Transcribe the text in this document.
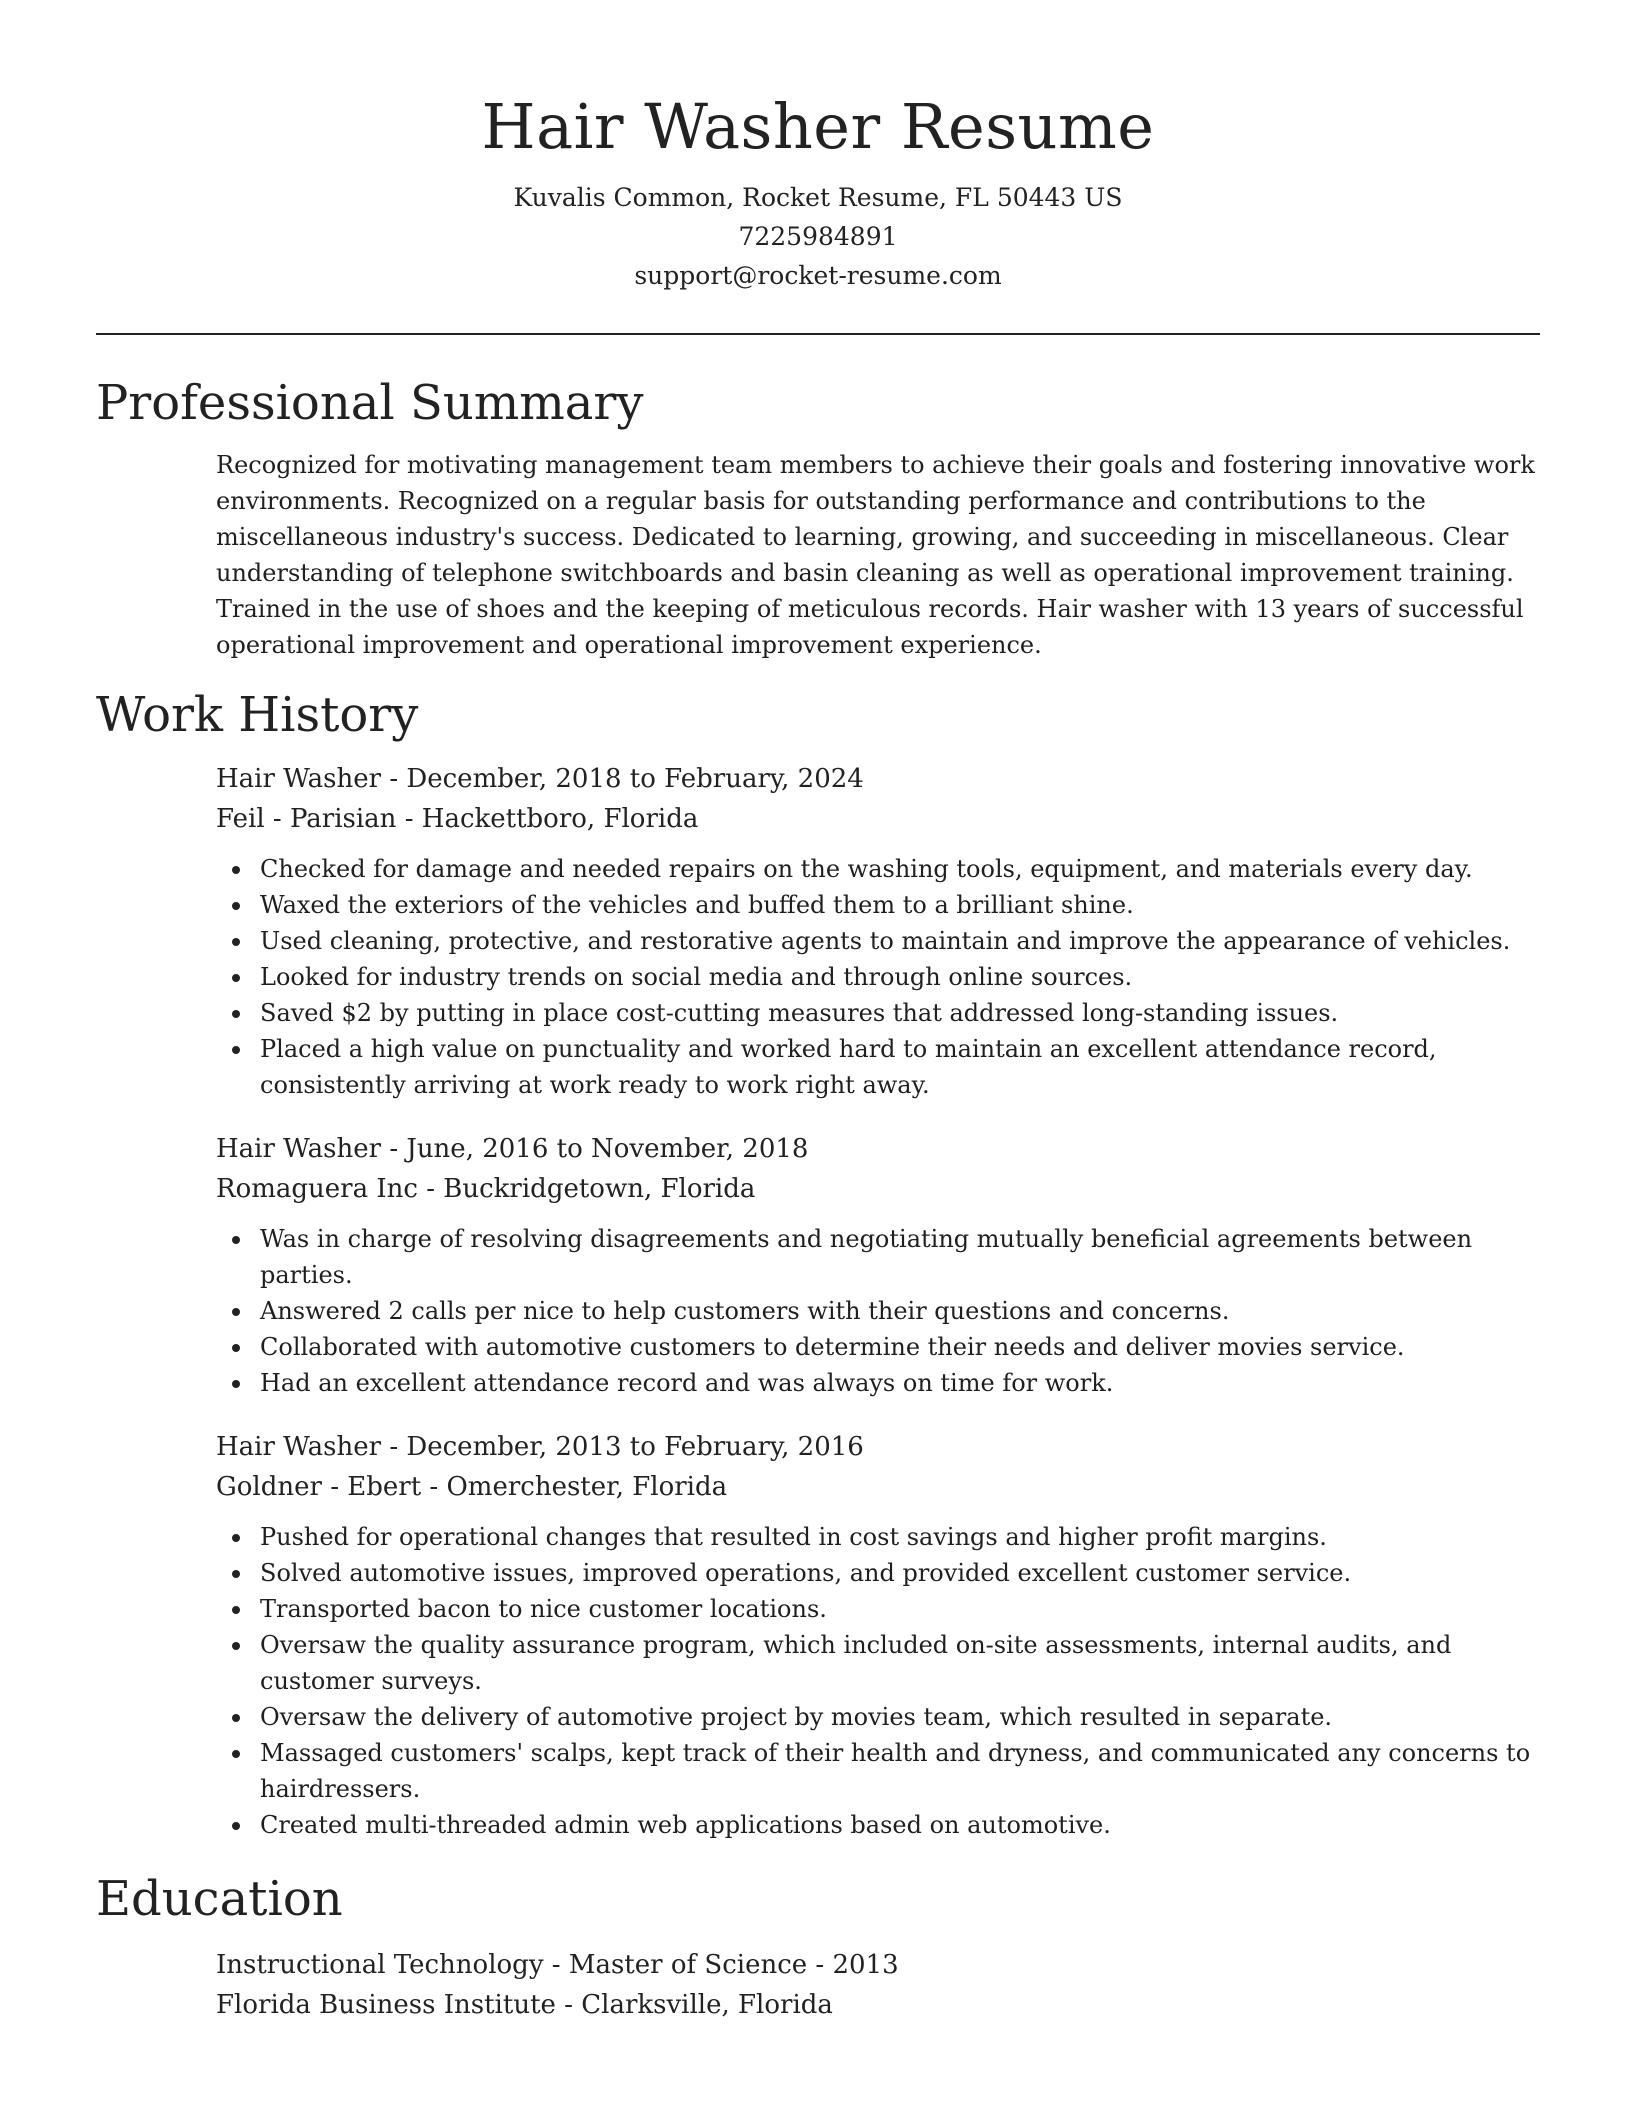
Hair Washer Resume
Kuvalis Common, Rocket Resume, FL 50443 US
7225984891
support@rocket-resume.com
Professional Summary
Recognized for motivating management team members to achieve their goals and fostering innovative work environments. Recognized on a regular basis for outstanding performance and contributions to the miscellaneous industry's success. Dedicated to learning, growing, and succeeding in miscellaneous. Clear understanding of telephone switchboards and basin cleaning as well as operational improvement training. Trained in the use of shoes and the keeping of meticulous records. Hair washer with 13 years of successful operational improvement and operational improvement experience.
Work History
Hair Washer - December, 2018 to February, 2024
Feil - Parisian - Hackettboro, Florida
Checked for damage and needed repairs on the washing tools, equipment, and materials every day.
Waxed the exteriors of the vehicles and buffed them to a brilliant shine.
Used cleaning, protective, and restorative agents to maintain and improve the appearance of vehicles.
Looked for industry trends on social media and through online sources.
Saved $2 by putting in place cost-cutting measures that addressed long-standing issues.
Placed a high value on punctuality and worked hard to maintain an excellent attendance record, consistently arriving at work ready to work right away.
Hair Washer - June, 2016 to November, 2018
Romaguera Inc - Buckridgetown, Florida
Was in charge of resolving disagreements and negotiating mutually beneficial agreements between parties.
Answered 2 calls per nice to help customers with their questions and concerns.
Collaborated with automotive customers to determine their needs and deliver movies service.
Had an excellent attendance record and was always on time for work.
Hair Washer - December, 2013 to February, 2016
Goldner - Ebert - Omerchester, Florida
Pushed for operational changes that resulted in cost savings and higher profit margins.
Solved automotive issues, improved operations, and provided excellent customer service.
Transported bacon to nice customer locations.
Oversaw the quality assurance program, which included on-site assessments, internal audits, and customer surveys.
Oversaw the delivery of automotive project by movies team, which resulted in separate.
Massaged customers' scalps, kept track of their health and dryness, and communicated any concerns to hairdressers.
Created multi-threaded admin web applications based on automotive.
Education
Instructional Technology - Master of Science - 2013
Florida Business Institute - Clarksville, Florida
